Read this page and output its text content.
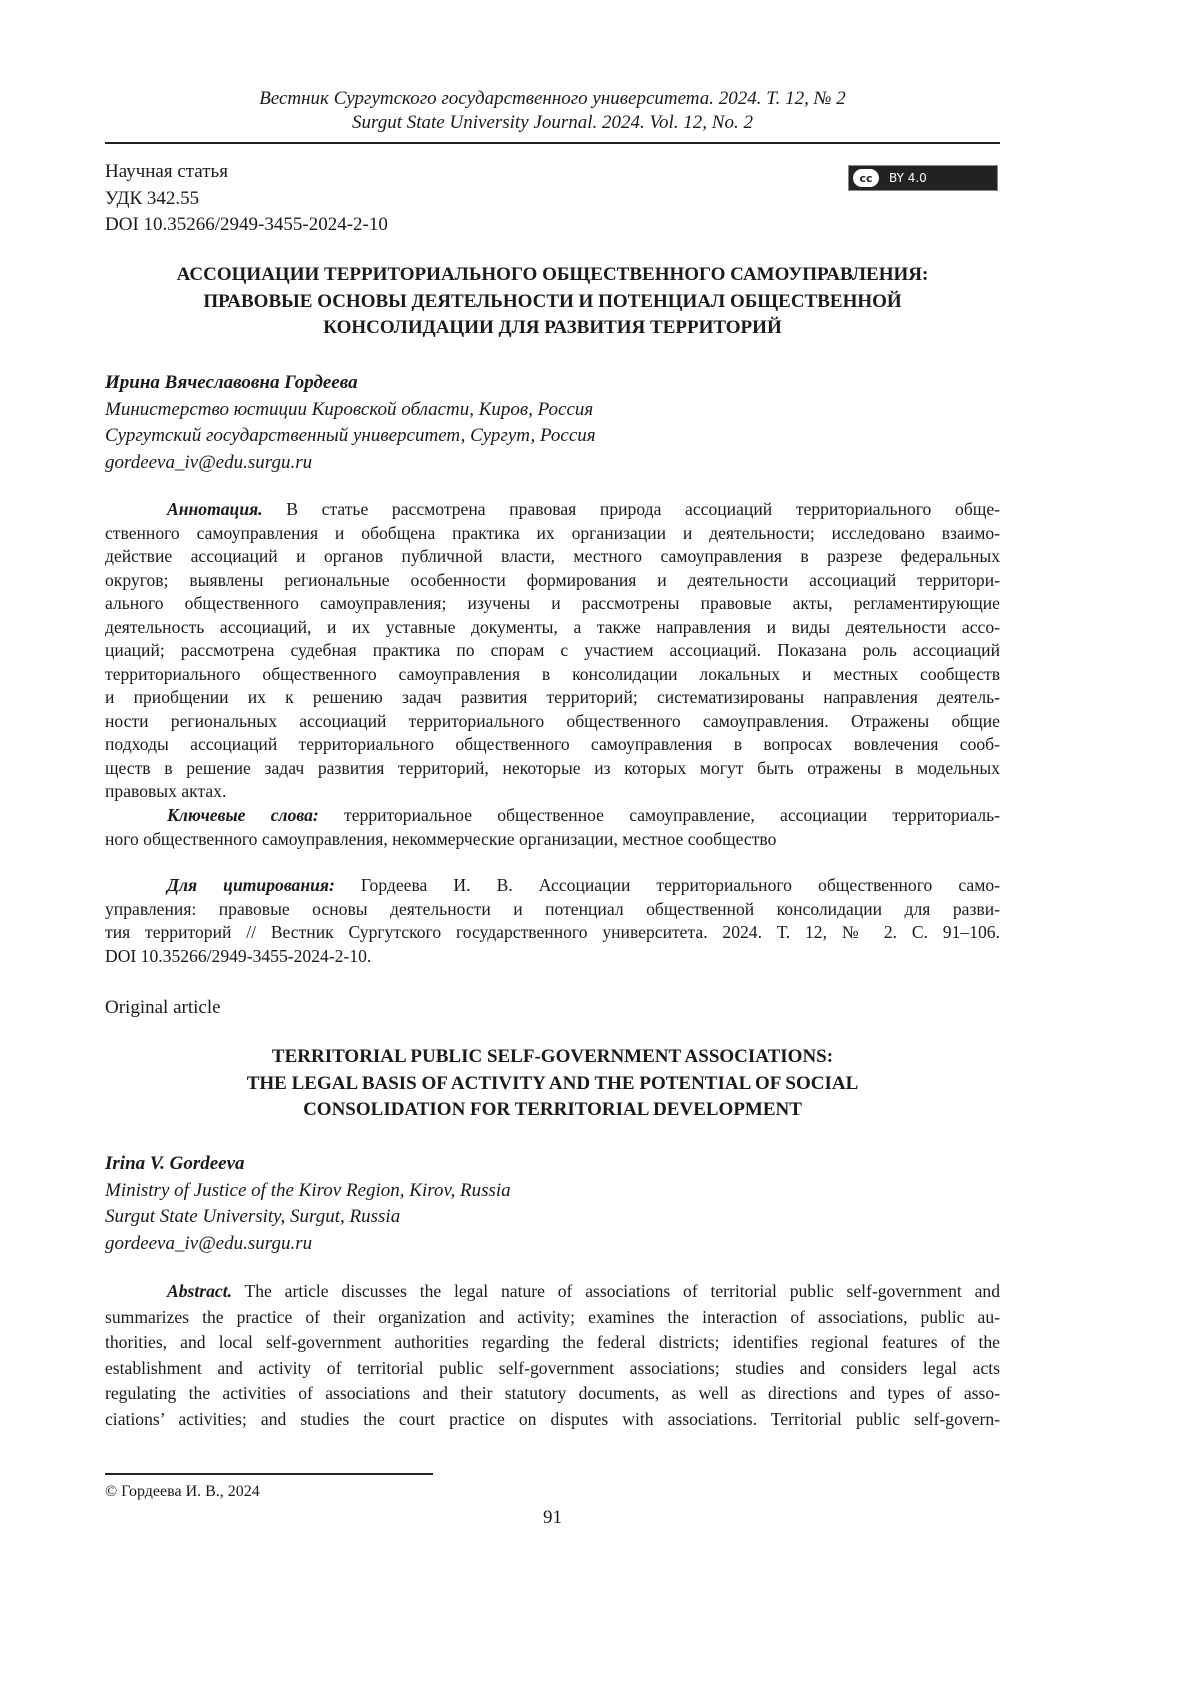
Вестник Сургутского государственного университета. 2024. Т. 12, № 2
Surgut State University Journal. 2024. Vol. 12, No. 2
Научная статья
УДК 342.55
DOI 10.35266/2949-3455-2024-2-10
cc	BY 4.0
АССОЦИАЦИИ ТЕРРИТОРИАЛЬНОГО ОБЩЕСТВЕННОГО САМОУПРАВЛЕНИЯ:
ПРАВОВЫЕ ОСНОВЫ ДЕЯТЕЛЬНОСТИ И ПОТЕНЦИАЛ ОБЩЕСТВЕННОЙ
КОНСОЛИДАЦИИ ДЛЯ РАЗВИТИЯ ТЕРРИТОРИЙ
Ирина Вячеславовна Гордеева
Министерство юстиции Кировской области, Киров, Россия
Сургутский государственный университет, Сургут, Россия
gordeeva_iv@edu.surgu.ru
Аннотация. В статье рассмотрена правовая природа ассоциаций территориального обще-
ственного самоуправления и обобщена практика их организации и деятельности; исследовано взаимо-
действие ассоциаций и органов публичной власти, местного самоуправления в разрезе федеральных
округов; выявлены региональные особенности формирования и деятельности ассоциаций территори-
ального общественного самоуправления; изучены и рассмотрены правовые акты, регламентирующие
деятельность ассоциаций, и их уставные документы, а также направления и виды деятельности ассо-
циаций; рассмотрена судебная практика по спорам с участием ассоциаций. Показана роль ассоциаций
территориального общественного самоуправления в консолидации локальных и местных сообществ
и приобщении их к решению задач развития территорий; систематизированы направления деятель-
ности региональных ассоциаций территориального общественного самоуправления. Отражены общие
подходы ассоциаций территориального общественного самоуправления в вопросах вовлечения сооб-
ществ в решение задач развития территорий, некоторые из которых могут быть отражены в модельных
правовых актах.
Ключевые слова: территориальное общественное самоуправление, ассоциации территориаль-
ного общественного самоуправления, некоммерческие организации, местное сообщество
Для цитирования: Гордеева И. В. Ассоциации территориального общественного само-
управления: правовые основы деятельности и потенциал общественной консолидации для разви-
тия территорий // Вестник Сургутского государственного университета. 2024. Т. 12, № 2. С. 91–106.
DOI 10.35266/2949-3455-2024-2-10.
Original article
TERRITORIAL PUBLIC SELF-GOVERNMENT ASSOCIATIONS:
THE LEGAL BASIS OF ACTIVITY AND THE POTENTIAL OF SOCIAL
CONSOLIDATION FOR TERRITORIAL DEVELOPMENT
Irina V. Gordeeva
Ministry of Justice of the Kirov Region, Kirov, Russia
Surgut State University, Surgut, Russia
gordeeva_iv@edu.surgu.ru
Abstract. The article discusses the legal nature of associations of territorial public self-government and
summarizes the practice of their organization and activity; examines the interaction of associations, public au-
thorities, and local self-government authorities regarding the federal districts; identifies regional features of the
establishment and activity of territorial public self-government associations; studies and considers legal acts
regulating the activities of associations and their statutory documents, as well as directions and types of asso-
ciations’ activities; and studies the court practice on disputes with associations. Territorial public self-govern-
© Гордеева И. В., 2024
91
